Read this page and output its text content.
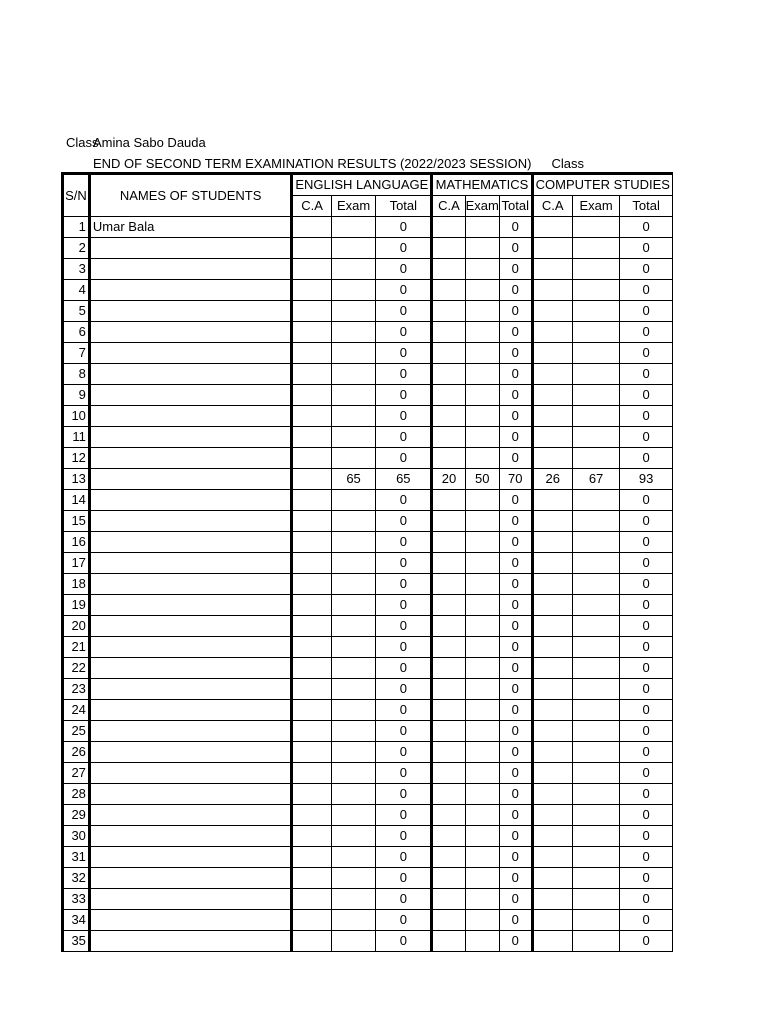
ClassAmina Sabo Dauda
END OF SECOND TERM EXAMINATION RESULTS (2022/2023 SESSION) Class
S/N	NAMES OF STUDENTS	ENGLISH LANGUAGE			MATHEMATICS			COMPUTER STUDIES		
		C.A	Exam	Total	C.A	Exam	Total	C.A	Exam	Total
1	Umar Bala			0			0			0
2				0			0			0
3				0			0			0
4				0			0			0
5				0			0			0
6				0			0			0
7				0			0			0
8				0			0			0
9				0			0			0
10				0			0			0
11				0			0			0
12				0			0			0
13			65	65	20	50	70	26	67	93
14				0			0			0
15				0			0			0
16				0			0			0
17				0			0			0
18				0			0			0
19				0			0			0
20				0			0			0
21				0			0			0
22				0			0			0
23				0			0			0
24				0			0			0
25				0			0			0
26				0			0			0
27				0			0			0
28				0			0			0
29				0			0			0
30				0			0			0
31				0			0			0
32				0			0			0
33				0			0			0
34				0			0			0
35				0			0			0
